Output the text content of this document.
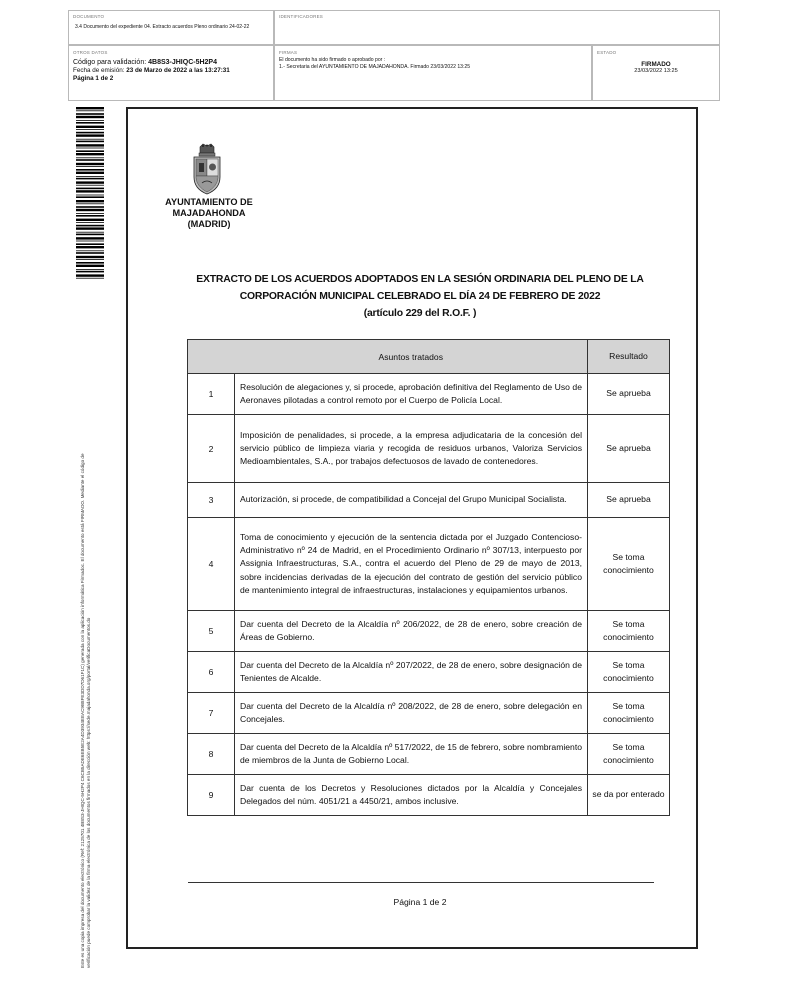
DOCUMENTO
3.4 Documento del expediente 04. Extracto acuerdos Pleno ordinario 24-02-22
IDENTIFICADORES
OTROS DATOS
Código para validación: 4B8S3-JHIQC-5H2P4
Fecha de emisión: 23 de Marzo de 2022 a las 13:27:31
Página 1 de 2
FIRMAS
El documento ha sido firmado o aprobado por :
1.- Secretaria del AYUNTAMIENTO DE MAJADAHONDA. Firmado 23/03/2022 13:25
ESTADO
FIRMADO
23/03/2022 13:25
Este es una copia impresa del documento electrónico (Ref: 2125701 4B8S3-JHIQC-5H2P4 C6CB5ADE6EB5E2A4D3934EEAC9B8FE3DD7D61F1C) generada con la aplicación informática Firmadoc. El documento está FIRMADO. Mediante el código de verificación puede comprobar la validez de la firma electrónica de los documentos firmados en la dirección web: https://sede.majadahonda.org/portal/verificaDocumentos.do
AYUNTAMIENTO DE
MAJADAHONDA
(MADRID)
EXTRACTO DE LOS ACUERDOS ADOPTADOS EN LA SESIÓN ORDINARIA DEL PLENO DE LA
CORPORACIÓN MUNICIPAL CELEBRADO EL DÍA 24 DE FEBRERO DE 2022
(artículo 229 del R.O.F. )
	Asuntos tratados	Resultado
1	Resolución de alegaciones y, si procede, aprobación definitiva del Reglamento de Uso de Aeronaves pilotadas a control remoto por el Cuerpo de Policía Local.	Se aprueba
2	Imposición de penalidades, si procede, a la empresa adjudicataria de la concesión del servicio público de limpieza viaria y recogida de residuos urbanos, Valoriza Servicios Medioambientales, S.A., por trabajos defectuosos de lavado de contenedores.	Se aprueba
3	Autorización, si procede, de compatibilidad a Concejal del Grupo Municipal Socialista.	Se aprueba
4	Toma de conocimiento y ejecución de la sentencia dictada por el Juzgado Contencioso-Administrativo nº 24 de Madrid, en el Procedimiento Ordinario nº 307/13, interpuesto por Assignia Infraestructuras, S.A., contra el acuerdo del Pleno de 29 de mayo de 2013, sobre incidencias derivadas de la ejecución del contrato de gestión del servicio público de mantenimiento integral de infraestructuras, instalaciones y equipamientos urbanos.	Se toma conocimiento
5	Dar cuenta del Decreto de la Alcaldía nº 206/2022, de 28 de enero, sobre creación de Áreas de Gobierno.	Se toma conocimiento
6	Dar cuenta del Decreto de la Alcaldía nº 207/2022, de 28 de enero, sobre designación de Tenientes de Alcalde.	Se toma conocimiento
7	Dar cuenta del Decreto de la Alcaldía nº 208/2022, de 28 de enero, sobre delegación en Concejales.	Se toma conocimiento
8	Dar cuenta del Decreto de la Alcaldía nº 517/2022, de 15 de febrero, sobre nombramiento de miembros de la Junta de Gobierno Local.	Se toma conocimiento
9	Dar cuenta de los Decretos y Resoluciones dictados por la Alcaldía y Concejales Delegados del núm. 4051/21 a 4450/21, ambos inclusive.	se da por enterado
Página 1 de 2
